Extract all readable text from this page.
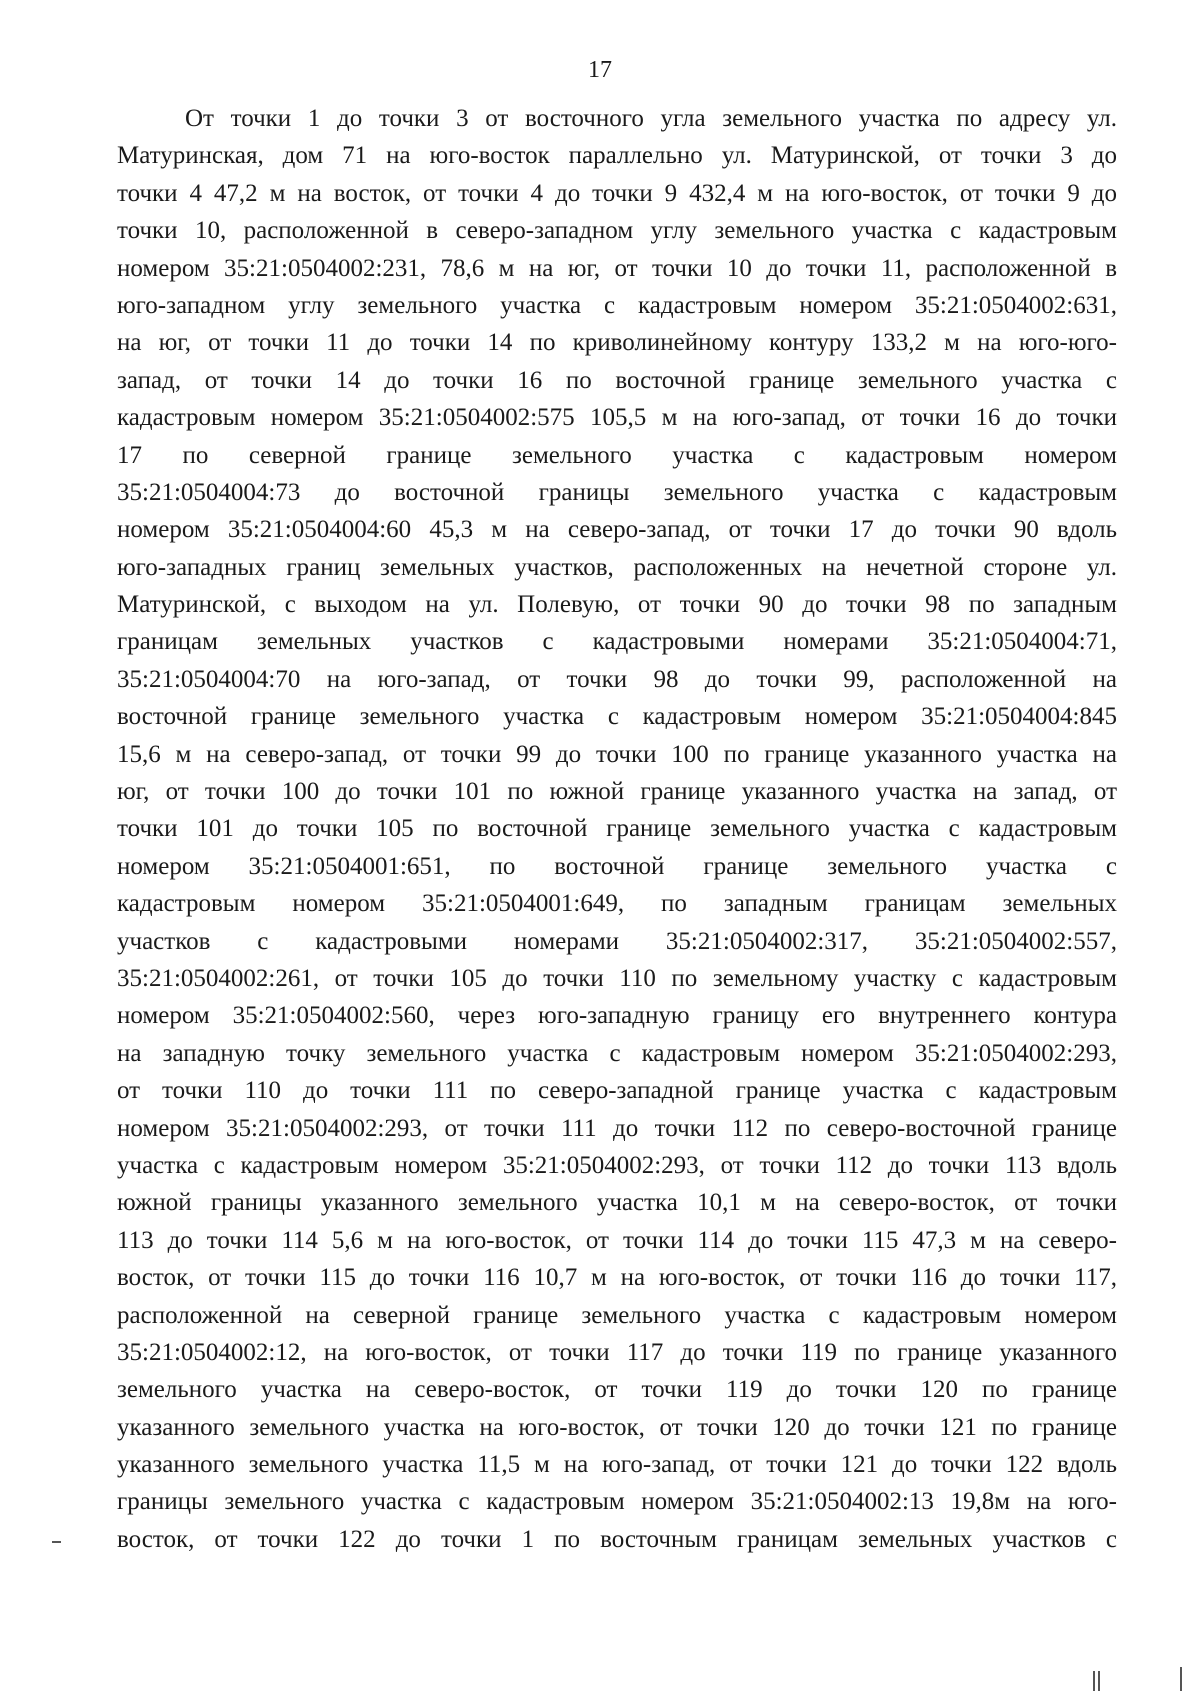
17
От точки 1 до точки 3 от восточного угла земельного участка по адресу ул.
Матуринская, дом 71 на юго-восток параллельно ул. Матуринской, от точки 3 до
точки 4 47,2 м на восток, от точки 4 до точки 9 432,4 м на юго-восток, от точки 9 до
точки 10, расположенной в северо-западном углу земельного участка с кадастровым
номером 35:21:0504002:231, 78,6 м на юг, от точки 10 до точки 11, расположенной в
юго-западном углу земельного участка с кадастровым номером 35:21:0504002:631,
на юг, от точки 11 до точки 14 по криволинейному контуру 133,2 м на юго-юго-
запад, от точки 14 до точки 16 по восточной границе земельного участка с
кадастровым номером 35:21:0504002:575 105,5 м на юго-запад, от точки 16 до точки
17 по северной границе земельного участка с кадастровым номером
35:21:0504004:73 до восточной границы земельного участка с кадастровым
номером 35:21:0504004:60 45,3 м на северо-запад, от точки 17 до точки 90 вдоль
юго-западных границ земельных участков, расположенных на нечетной стороне ул.
Матуринской, с выходом на ул. Полевую, от точки 90 до точки 98 по западным
границам земельных участков с кадастровыми номерами 35:21:0504004:71,
35:21:0504004:70 на юго-запад, от точки 98 до точки 99, расположенной на
восточной границе земельного участка с кадастровым номером 35:21:0504004:845
15,6 м на северо-запад, от точки 99 до точки 100 по границе указанного участка на
юг, от точки 100 до точки 101 по южной границе указанного участка на запад, от
точки 101 до точки 105 по восточной границе земельного участка с кадастровым
номером 35:21:0504001:651, по восточной границе земельного участка с
кадастровым номером 35:21:0504001:649, по западным границам земельных
участков с кадастровыми номерами 35:21:0504002:317, 35:21:0504002:557,
35:21:0504002:261, от точки 105 до точки 110 по земельному участку с кадастровым
номером 35:21:0504002:560, через юго-западную границу его внутреннего контура
на западную точку земельного участка с кадастровым номером 35:21:0504002:293,
от точки 110 до точки 111 по северо-западной границе участка с кадастровым
номером 35:21:0504002:293, от точки 111 до точки 112 по северо-восточной границе
участка с кадастровым номером 35:21:0504002:293, от точки 112 до точки 113 вдоль
южной границы указанного земельного участка 10,1 м на северо-восток, от точки
113 до точки 114 5,6 м на юго-восток, от точки 114 до точки 115 47,3 м на северо-
восток, от точки 115 до точки 116 10,7 м на юго-восток, от точки 116 до точки 117,
расположенной на северной границе земельного участка с кадастровым номером
35:21:0504002:12, на юго-восток, от точки 117 до точки 119 по границе указанного
земельного участка на северо-восток, от точки 119 до точки 120 по границе
указанного земельного участка на юго-восток, от точки 120 до точки 121 по границе
указанного земельного участка 11,5 м на юго-запад, от точки 121 до точки 122 вдоль
границы земельного участка с кадастровым номером 35:21:0504002:13 19,8м на юго-
восток, от точки 122 до точки 1 по восточным границам земельных участков с
